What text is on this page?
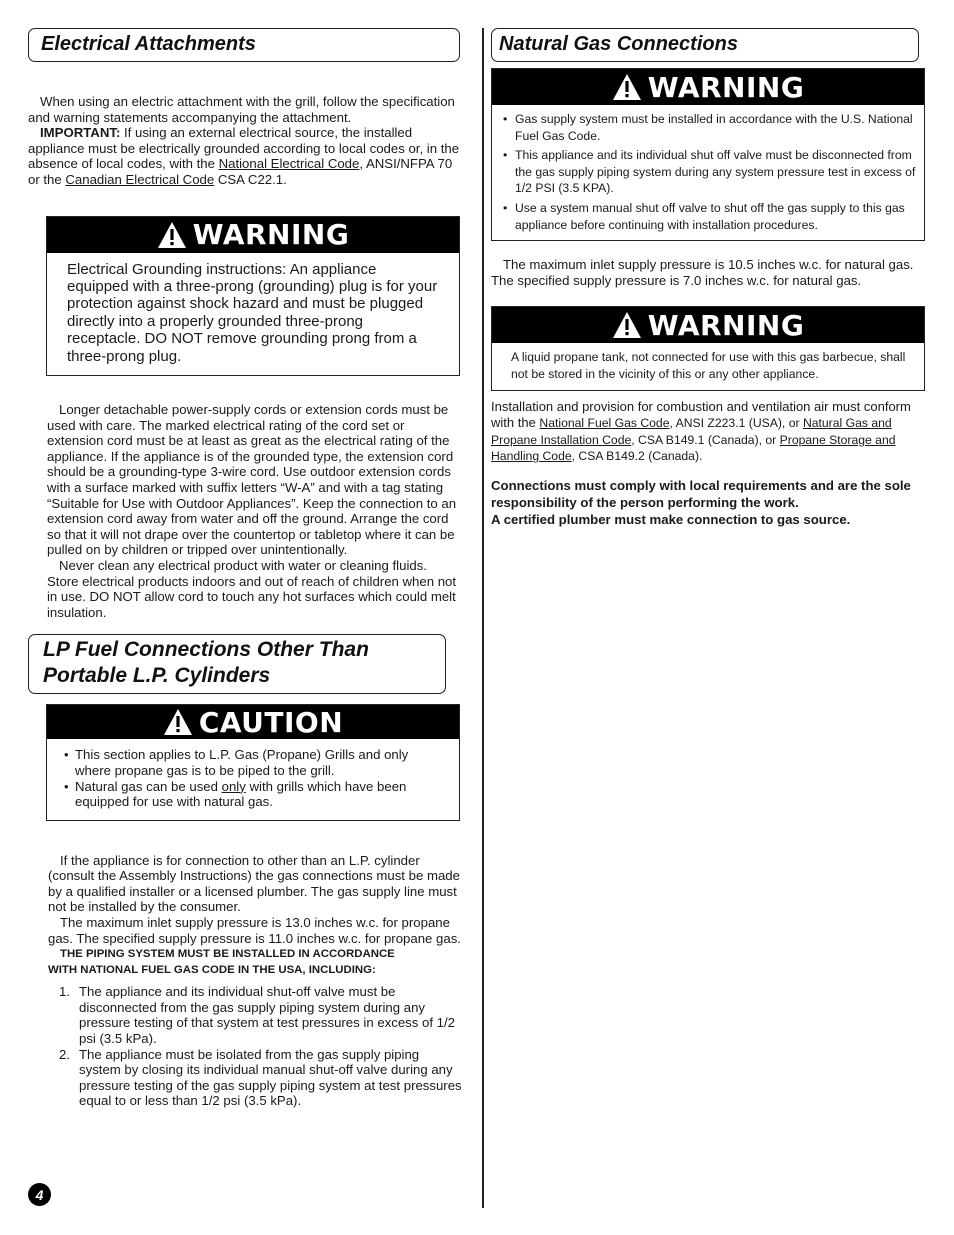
Electrical Attachments

When using an electric attachment with the grill, follow the specification and warning statements accompanying the attachment.
IMPORTANT: If using an external electrical source, the installed appliance must be electrically grounded according to local codes or, in the absence of local codes, with the National Electrical Code, ANSI/NFPA 70 or the Canadian Electrical Code CSA C22.1.

WARNING
Electrical Grounding instructions: An appliance equipped with a three-prong (grounding) plug is for your protection against shock hazard and must be plugged directly into a properly grounded three-prong receptacle. DO NOT remove grounding prong from a three-prong plug.

Longer detachable power-supply cords or extension cords must be used with care. The marked electrical rating of the cord set or extension cord must be at least as great as the electrical rating of the appliance. If the appliance is of the grounded type, the extension cord should be a grounding-type 3-wire cord. Use outdoor extension cords with a surface marked with suffix letters “W-A” and with a tag stating “Suitable for Use with Outdoor Appliances”. Keep the connection to an extension cord away from water and off the ground. Arrange the cord so that it will not drape over the countertop or tabletop where it can be pulled on by children or tripped over unintentionally.
Never clean any electrical product with water or cleaning fluids. Store electrical products indoors and out of reach of children when not in use. DO NOT allow cord to touch any hot surfaces which could melt insulation.

LP Fuel Connections Other Than
Portable L.P. Cylinders
CAUTION
• This section applies to L.P. Gas (Propane) Grills and only where propane gas is to be piped to the grill.
• Natural gas can be used only with grills which have been equipped for use with natural gas.

If the appliance is for connection to other than an L.P. cylinder (consult the Assembly Instructions) the gas connections must be made by a qualified installer or a licensed plumber. The gas supply line must not be installed by the consumer.
The maximum inlet supply pressure is 13.0 inches w.c. for propane gas. The specified supply pressure is 11.0 inches w.c. for propane gas.

THE PIPING SYSTEM MUST BE INSTALLED IN ACCORDANCE
WITH NATIONAL FUEL GAS CODE IN THE USA, INCLUDING:
1. The appliance and its individual shut-off valve must be disconnected from the gas supply piping system during any pressure testing of that system at test pressures in excess of 1/2 psi (3.5 kPa).
2. The appliance must be isolated from the gas supply piping system by closing its individual manual shut-off valve during any pressure testing of the gas supply piping system at test pressures equal to or less than 1/2 psi (3.5 kPa).
Natural Gas Connections
WARNING
• Gas supply system must be installed in accordance with the U.S. National Fuel Gas Code.
• This appliance and its individual shut off valve must be disconnected from the gas supply piping system during any system pressure test in excess of 1/2 PSI (3.5 KPA).
• Use a system manual shut off valve to shut off the gas supply to this gas appliance before continuing with installation procedures.

The maximum inlet supply pressure is 10.5 inches w.c. for natural gas. The specified supply pressure is 7.0 inches w.c. for natural gas.

WARNING
A liquid propane tank, not connected for use with this gas barbecue, shall not be stored in the vicinity of this or any other appliance.

Installation and provision for combustion and ventilation air must conform with the National Fuel Gas Code, ANSI Z223.1 (USA), or Natural Gas and Propane Installation Code, CSA B149.1 (Canada), or Propane Storage and Handling Code, CSA B149.2 (Canada).

Connections must comply with local requirements and are the sole responsibility of the person performing the work.
A certified plumber must make connection to gas source.

4
